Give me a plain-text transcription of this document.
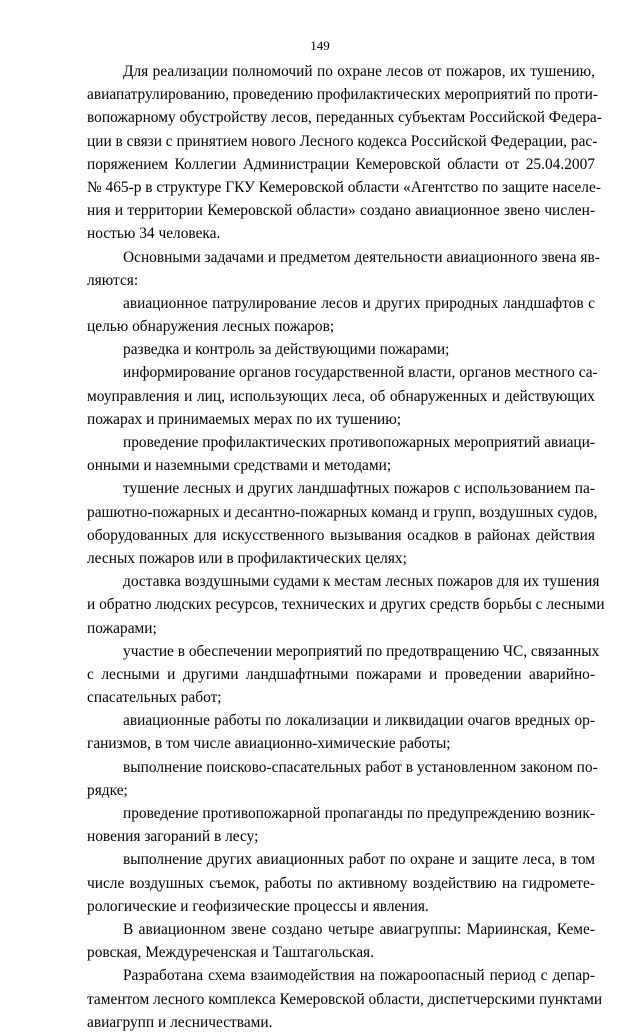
149
Для реализации полномочий по охране лесов от пожаров, их тушению,
авиапатрулированию, проведению профилактических мероприятий по проти-
вопожарному обустройству лесов, переданных субъектам Российской Федера-
ции в связи с принятием нового Лесного кодекса Российской Федерации, рас-
поряжением Коллегии Администрации Кемеровской области от 25.04.2007
№ 465-р в структуре ГКУ Кемеровской области «Агентство по защите населе-
ния и территории Кемеровской области» создано авиационное звено числен-
ностью 34 человека.
Основными задачами и предметом деятельности авиационного звена яв-
ляются:
авиационное патрулирование лесов и других природных ландшафтов с
целью обнаружения лесных пожаров;
разведка и контроль за действующими пожарами;
информирование органов государственной власти, органов местного са-
моуправления и лиц, использующих леса, об обнаруженных и действующих
пожарах и принимаемых мерах по их тушению;
проведение профилактических противопожарных мероприятий авиаци-
онными и наземными средствами и методами;
тушение лесных и других ландшафтных пожаров с использованием па-
рашютно-пожарных и десантно-пожарных команд и групп, воздушных судов,
оборудованных для искусственного вызывания осадков в районах действия
лесных пожаров или в профилактических целях;
доставка воздушными судами к местам лесных пожаров для их тушения
и обратно людских ресурсов, технических и других средств борьбы с лесными
пожарами;
участие в обеспечении мероприятий по предотвращению ЧС, связанных
с лесными и другими ландшафтными пожарами и проведении аварийно-
спасательных работ;
авиационные работы по локализации и ликвидации очагов вредных ор-
ганизмов, в том числе авиационно-химические работы;
выполнение поисково-спасательных работ в установленном законом по-
рядке;
проведение противопожарной пропаганды по предупреждению возник-
новения загораний в лесу;
выполнение других авиационных работ по охране и защите леса, в том
числе воздушных съемок, работы по активному воздействию на гидромете-
рологические и геофизические процессы и явления.
В авиационном звене создано четыре авиагруппы: Мариинская, Кеме-
ровская, Междуреченская и Таштагольская.
Разработана схема взаимодействия на пожароопасный период с депар-
таментом лесного комплекса Кемеровской области, диспетчерскими пунктами
авиагрупп и лесничествами.
